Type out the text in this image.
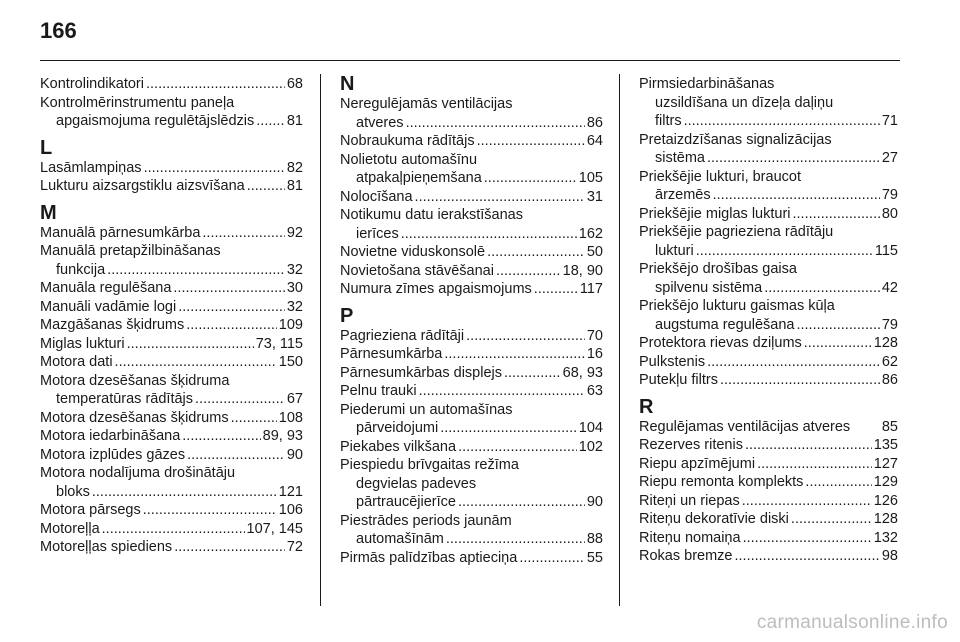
166
Kontrolindikatori .....	68
Kontrolmērinstrumentu paneļa
apgaismojuma regulētājslēdzis ..... 81
L
Lasāmlampiņas .....	82
Lukturu aizsargstiklu aizsvīšana .....	81
M
Manuālā pārnesumkārba .....	92
Manuālā pretapžilbināšanas
funkcija .....	32
Manuāla regulēšana .....	30
Manuāli vadāmie logi .....	32
Mazgāšanas šķidrums .....	109
Miglas lukturi .....	73, 115
Motora dati .....	150
Motora dzesēšanas šķidruma
temperatūras rādītājs .....	67
Motora dzesēšanas šķidrums .....	108
Motora iedarbināšana .....	89, 93
Motora izplūdes gāzes .....	90
Motora nodalījuma drošinātāju
bloks .....	121
Motora pārsegs .....	106
Motoreļļa .....	107, 145
Motoreļļas spiediens .....	72
N
Neregulējamās ventilācijas
atveres .....	86
Nobraukuma rādītājs .....	64
Nolietotu automašīnu
atpakaļpieņemšana .....	105
Nolocīšana .....	31
Notikumu datu ierakstīšanas
ierīces .....	162
Novietne viduskonsolē .....	50
Novietošana stāvēšanai .....	18, 90
Numura zīmes apgaismojums .....	117
P
Pagrieziena rādītāji .....	70
Pārnesumkārba .....	16
Pārnesumkārbas displejs .....	68, 93
Pelnu trauki .....	63
Piederumi un automašīnas
pārveidojumi .....	104
Piekabes vilkšana .....	102
Piespiedu brīvgaitas režīma
degvielas padeves
pārtraucējierīce .....	90
Piestrādes periods jaunām
automašīnām .....	88
Pirmās palīdzības aptieciņa .....	55
Pirmsiedarbināšanas
uzsildīšana un dīzeļa daļiņu
filtrs .....	71
Pretaizdzīšanas signalizācijas
sistēma .....	27
Priekšējie lukturi, braucot
ārzemēs .....	79
Priekšējie miglas lukturi .....	80
Priekšējie pagrieziena rādītāju
lukturi .....	115
Priekšējo drošības gaisa
spilvenu sistēma .....	42
Priekšējo lukturu gaismas kūļa
augstuma regulēšana .....	79
Protektora rievas dziļums .....	128
Pulkstenis .....	62
Putekļu filtrs .....	86
R
Regulējamas ventilācijas atveres 85
Rezerves ritenis .....	135
Riepu apzīmējumi .....	127
Riepu remonta komplekts .....	129
Riteņi un riepas .....	126
Riteņu dekoratīvie diski .....	128
Riteņu nomaiņa .....	132
Rokas bremze .....	98
carmanualsonline.info
